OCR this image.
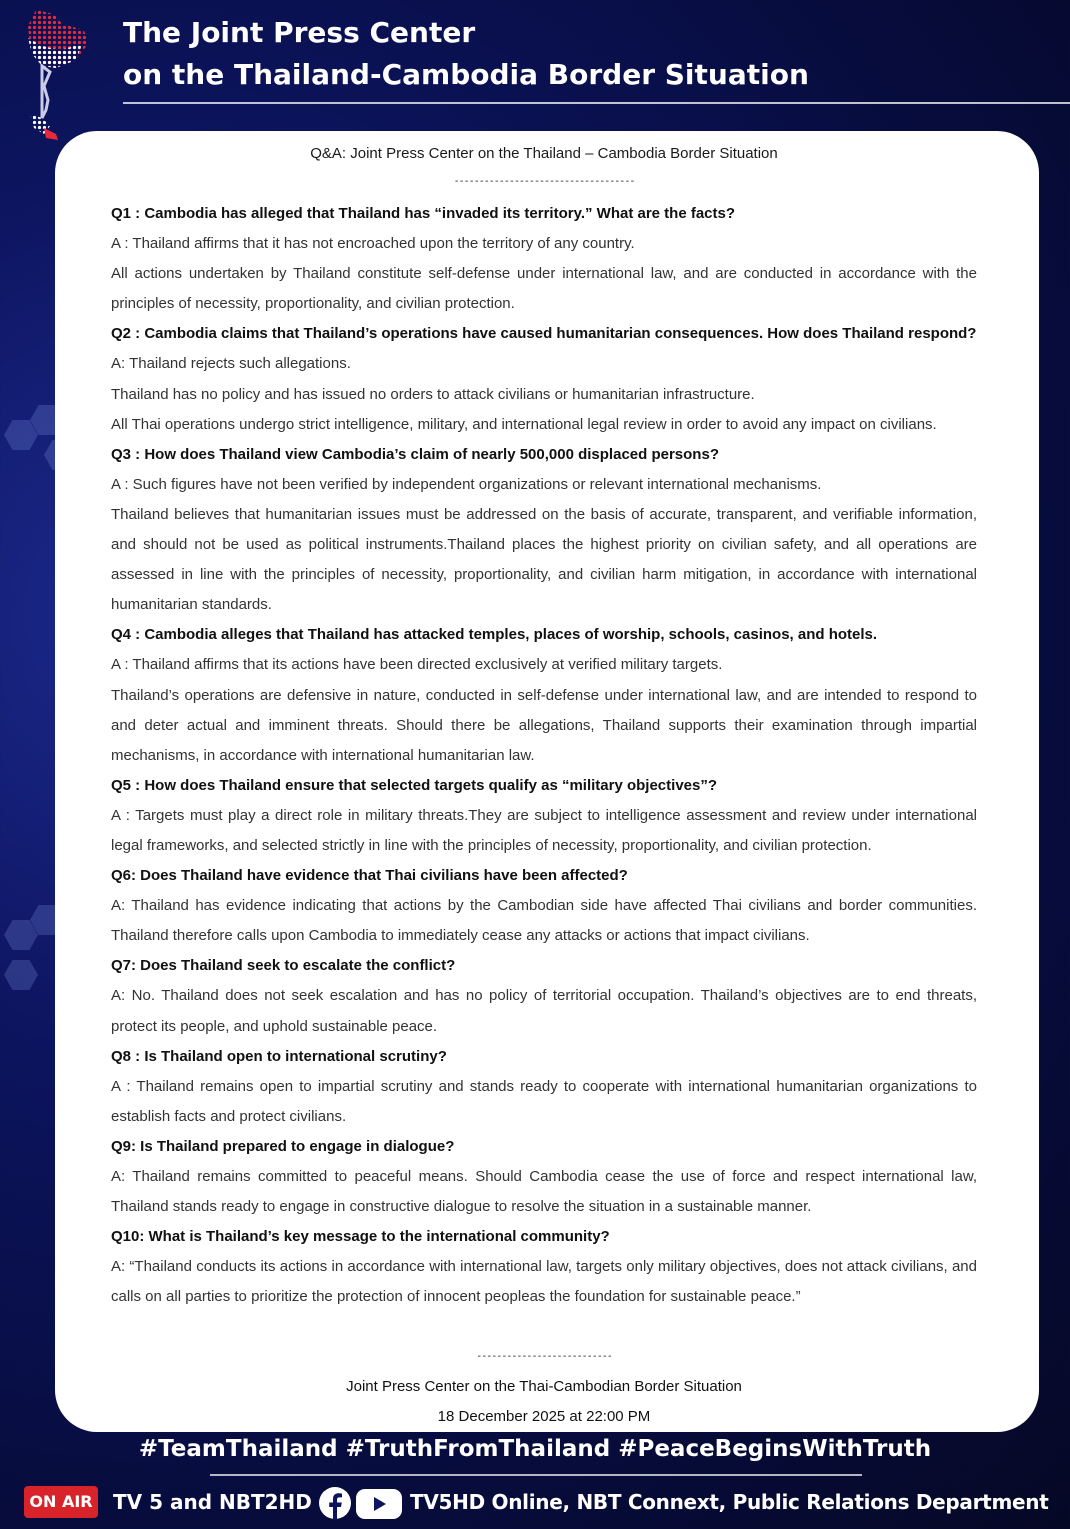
The Joint Press Center
on the Thailand-Cambodia Border Situation
Q&A: Joint Press Center on the Thailand – Cambodia Border Situation
------------------------------------

Q1 : Cambodia has alleged that Thailand has “invaded its territory.” What are the facts?

A : Thailand affirms that it has not encroached upon the territory of any country.

All actions undertaken by Thailand constitute self-defense under international law, and are conducted in accordance with the principles of necessity, proportionality, and civilian protection.

Q2 : Cambodia claims that Thailand’s operations have caused humanitarian consequences. How does Thailand respond?

A: Thailand rejects such allegations.

Thailand has no policy and has issued no orders to attack civilians or humanitarian infrastructure.

All Thai operations undergo strict intelligence, military, and international legal review in order to avoid any impact on civilians.

Q3 : How does Thailand view Cambodia’s claim of nearly 500,000 displaced persons?

A : Such figures have not been verified by independent organizations or relevant international mechanisms.

Thailand believes that humanitarian issues must be addressed on the basis of accurate, transparent, and verifiable information, and should not be used as political instruments.Thailand places the highest priority on civilian safety, and all operations are assessed in line with the principles of necessity, proportionality, and civilian harm mitigation, in accordance with international humanitarian standards.

Q4 : Cambodia alleges that Thailand has attacked temples, places of worship, schools, casinos, and hotels.

A : Thailand affirms that its actions have been directed exclusively at verified military targets.

Thailand’s operations are defensive in nature, conducted in self-defense under international law, and are intended to respond to and deter actual and imminent threats. Should there be allegations, Thailand supports their examination through impartial mechanisms, in accordance with international humanitarian law.

Q5 : How does Thailand ensure that selected targets qualify as “military objectives”?

A : Targets must play a direct role in military threats.They are subject to intelligence assessment and review under international legal frameworks, and selected strictly in line with the principles of necessity, proportionality, and civilian protection.

Q6: Does Thailand have evidence that Thai civilians have been affected?

A: Thailand has evidence indicating that actions by the Cambodian side have affected Thai civilians and border communities. Thailand therefore calls upon Cambodia to immediately cease any attacks or actions that impact civilians.

Q7: Does Thailand seek to escalate the conflict?

A: No. Thailand does not seek escalation and has no policy of territorial occupation. Thailand’s objectives are to end threats, protect its people, and uphold sustainable peace.

Q8 : Is Thailand open to international scrutiny?

A : Thailand remains open to impartial scrutiny and stands ready to cooperate with international humanitarian organizations to establish facts and protect civilians.

Q9: Is Thailand prepared to engage in dialogue?

A: Thailand remains committed to peaceful means. Should Cambodia cease the use of force and respect international law, Thailand stands ready to engage in constructive dialogue to resolve the situation in a sustainable manner.

Q10: What is Thailand’s key message to the international community?

A: “Thailand conducts its actions in accordance with international law, targets only military objectives, does not attack civilians, and calls on all parties to prioritize the protection of innocent peopleas the foundation for sustainable peace.”

---------------------------
Joint Press Center on the Thai-Cambodian Border Situation
18 December 2025 at 22:00 PM
#TeamThailand #TruthFromThailand #PeaceBeginsWithTruth
ON AIR TV 5 and NBT2HD	TV5HD Online, NBT Connext, Public Relations Department
